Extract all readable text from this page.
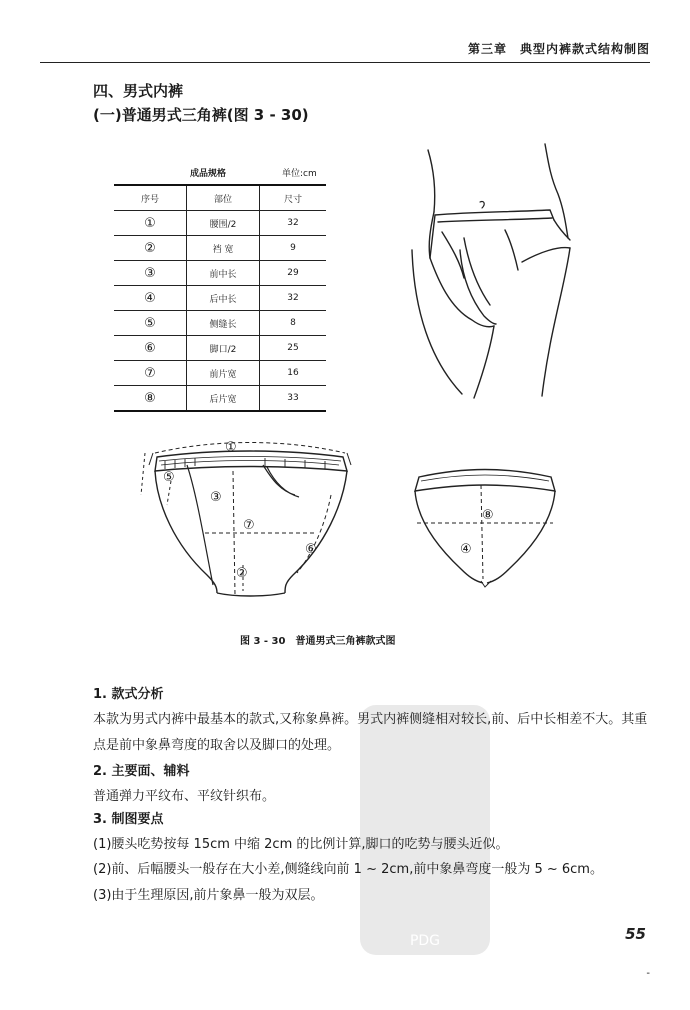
第三章　典型内裤款式结构制图
四、男式内裤
(一)普通男式三角裤(图 3 - 30)
成品规格	单位:cm
序号	部位	尺寸
①	腰围/2	32
②	裆 宽	9
③	前中长	29
④	后中长	32
⑤	侧缝长	8
⑥	脚口/2	25
⑦	前片宽	16
⑧	后片宽	33
①
⑤
③
⑦
⑥
②
⑧
④
图 3 - 30　普通男式三角裤款式图
PDG
1. 款式分析
本款为男式内裤中最基本的款式,又称象鼻裤。男式内裤侧缝相对较长,前、后中长相差不大。其重点是前中象鼻弯度的取舍以及脚口的处理。
2. 主要面、辅料
普通弹力平纹布、平纹针织布。
3. 制图要点
(1)腰头吃势按每 15cm 中缩 2cm 的比例计算,脚口的吃势与腰头近似。
(2)前、后幅腰头一般存在大小差,侧缝线向前 1 ~ 2cm,前中象鼻弯度一般为 5 ~ 6cm。
(3)由于生理原因,前片象鼻一般为双层。
55
-
